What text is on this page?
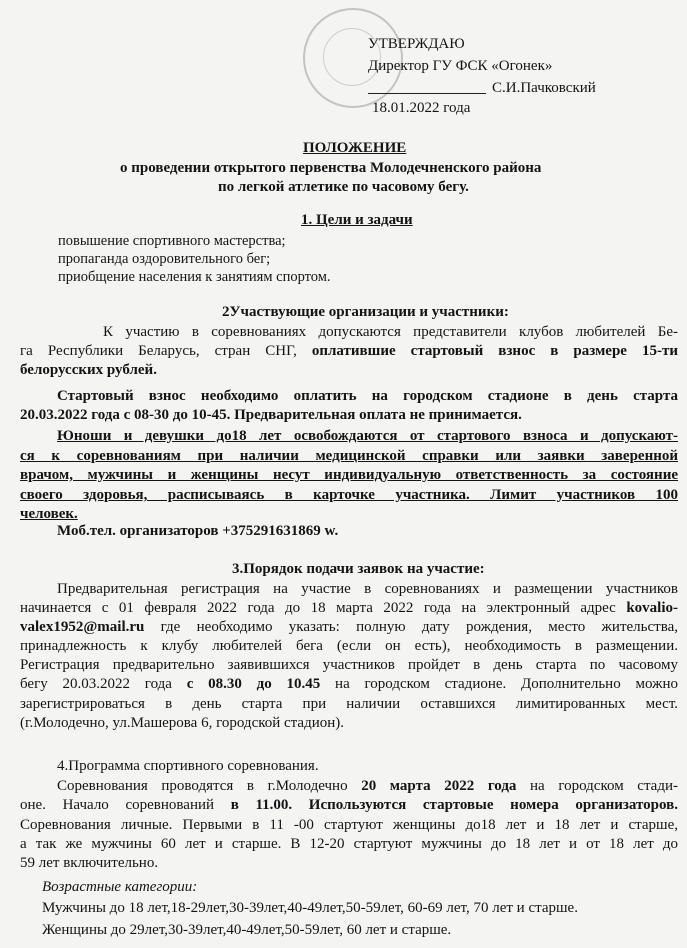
УТВЕРЖДАЮ
Директор ГУ ФСК «Огонек»
С.И.Пачковский
18.01.2022 года
ПОЛОЖЕНИЕ
о проведении открытого первенства Молодечненского района
по легкой атлетике по часовому бегу.
1. Цели и задачи
повышение спортивного мастерства;
пропаганда оздоровительного бег;
приобщение населения к занятиям спортом.
2Участвующие организации и участники:
К участию в соревнованиях допускаются представители клубов любителей Бе-
га Республики Беларусь, стран СНГ, оплатившие стартовый взнос в размере 15-ти
белорусских рублей.
Стартовый взнос необходимо оплатить на городском стадионе в день старта
20.03.2022 года с 08-30 до 10-45. Предварительная оплата не принимается.
Юноши и девушки до18 лет освобождаются от стартового взноса и допускают-
ся к соревнованиям при наличии медицинской справки или заявки заверенной
врачом, мужчины и женщины несут индивидуальную ответственность за состояние
своего здоровья, расписываясь в карточке участника. Лимит участников 100
человек.
Моб.тел. организаторов +375291631869 w.
3.Порядок подачи заявок на участие:
Предварительная регистрация на участие в соревнованиях и размещении участников
начинается с 01 февраля 2022 года до 18 марта 2022 года на электронный адрес kovalio-
valex1952@mail.ru где необходимо указать: полную дату рождения, место жительства,
принадлежность к клубу любителей бега (если он есть), необходимость в размещении.
Регистрация предварительно заявившихся участников пройдет в день старта по часовому
бегу 20.03.2022 года с 08.30 до 10.45 на городском стадионе. Дополнительно можно
зарегистрироваться в день старта при наличии оставшихся лимитированных мест.
(г.Молодечно, ул.Машерова 6, городской стадион).
4.Программа спортивного соревнования.
Соревнования проводятся в г.Молодечно 20 марта 2022 года на городском стади-
оне. Начало соревнований в 11.00. Используются стартовые номера организаторов.
Соревнования личные. Первыми в 11 -00 стартуют женщины до18 лет и 18 лет и старше,
а так же мужчины 60 лет и старше. В 12-20 стартуют мужчины до 18 лет и от 18 лет до
59 лет включительно.
Возрастные категории:
Мужчины до 18 лет,18-29лет,30-39лет,40-49лет,50-59лет, 60-69 лет, 70 лет и старше.
Женщины до 29лет,30-39лет,40-49лет,50-59лет, 60 лет и старше.
